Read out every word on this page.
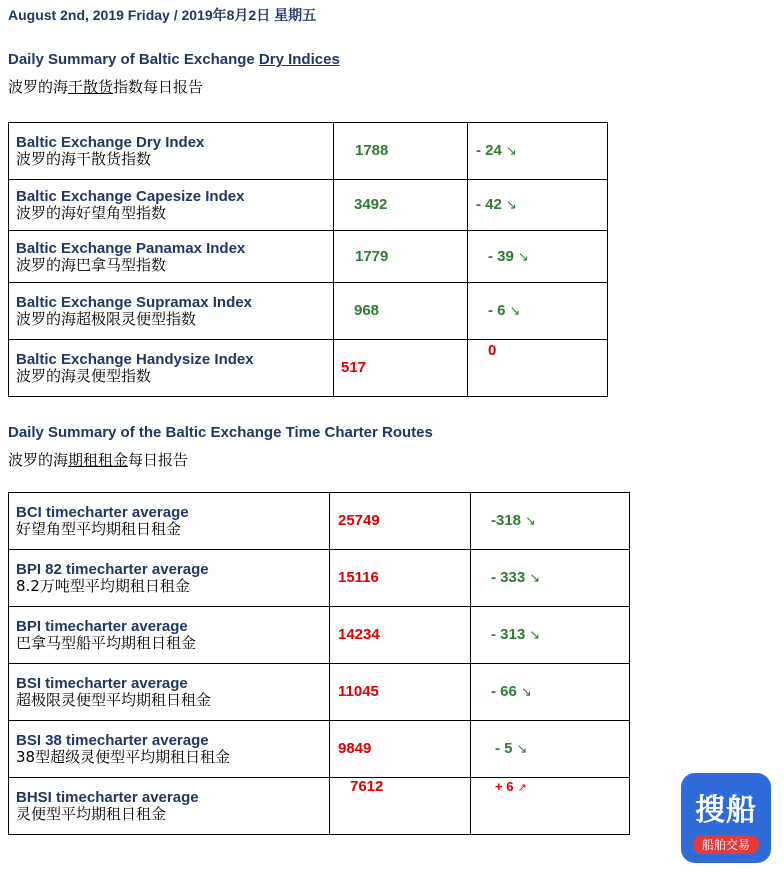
August 2nd, 2019 Friday / 2019年8月2日 星期五
Daily Summary of Baltic Exchange Dry Indices
波罗的海干散货指数每日报告
Baltic Exchange Dry Index
波罗的海干散货指数	1788	- 24 ↘

Baltic Exchange Capesize Index
波罗的海好望角型指数	3492	- 42 ↘

Baltic Exchange Panamax Index
波罗的海巴拿马型指数	1779	- 39 ↘

Baltic Exchange Supramax Index
波罗的海超极限灵便型指数	968	- 6 ↘

Baltic Exchange Handysize Index
波罗的海灵便型指数	517	0
Daily Summary of the Baltic Exchange Time Charter Routes
波罗的海期租租金每日报告
BCI timecharter average
好望角型平均期租日租金	25749	-318 ↘

BPI 82 timecharter average
8.2万吨型平均期租日租金	15116	- 333 ↘

BPI timecharter average
巴拿马型船平均期租日租金	14234	- 313 ↘

BSI timecharter average
超极限灵便型平均期租日租金	11045	- 66 ↘

BSI 38 timecharter average
38型超级灵便型平均期租日租金	9849	- 5 ↘

BHSI timecharter average
灵便型平均期租日租金	7612	+ 6 ↗
搜船
船舶交易
